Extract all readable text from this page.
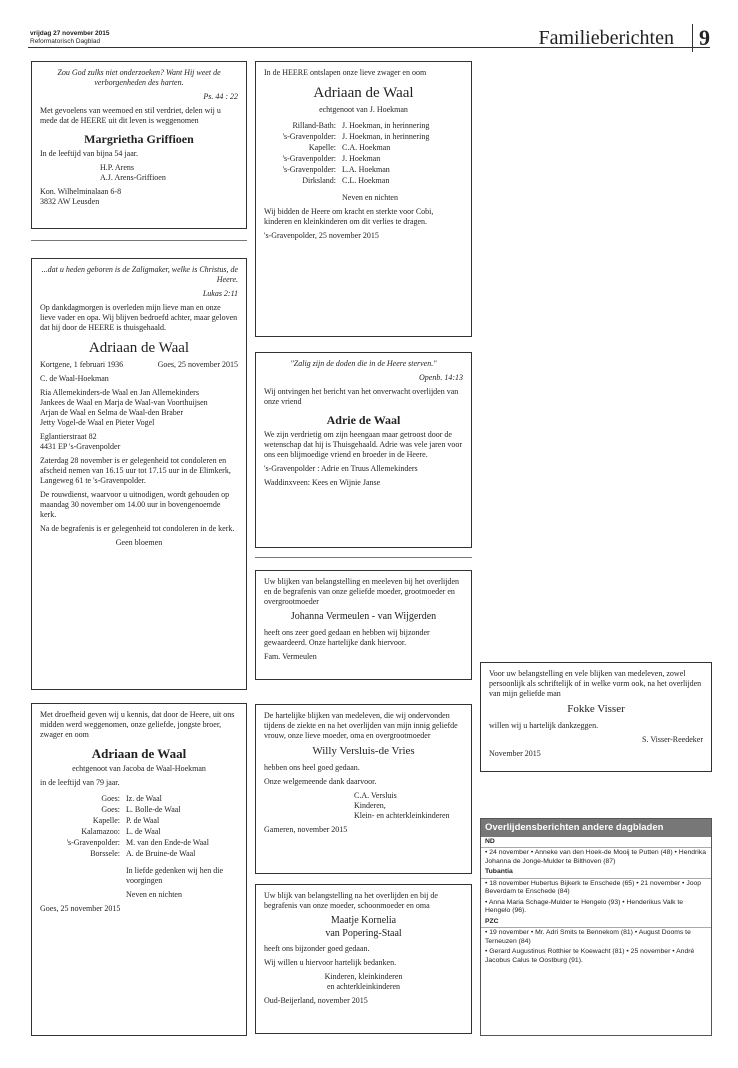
vrijdag 27 november 2015
Reformatorisch Dagblad	Familieberichten	9

Zou God zulks niet onderzoeken? Want Hij weet de verborgenheden des harten.

Ps. 44 : 22

Met gevoelens van weemoed en stil verdriet, delen wij u mede dat de HEERE uit dit leven is weggenomen

Margrietha Griffioen

In de leeftijd van bijna 54 jaar.

H.P. Arens
A.J. Arens-Griffioen

Kon. Wilhelminalaan 6-8
3832 AW Leusden

...dat u heden geboren is de Zaligmaker, welke is Christus, de Heere.

Lukas 2:11

Op dankdagmorgen is overleden mijn lieve man en onze lieve vader en opa. Wij blijven bedroefd achter, maar geloven dat hij door de HEERE is thuisgehaald.

Adriaan de Waal

Kortgene, 1 februari 1936	Goes, 25 november 2015

C. de Waal-Hoekman

Ria Allemekinders-de Waal en Jan Allemekinders
Jankees de Waal en Marja de Waal-van Voorthuijsen
Arjan de Waal en Selma de Waal-den Braber
Jetty Vogel-de Waal en Pieter Vogel

Eglantierstraat 82
4431 EP 's-Gravenpolder

Zaterdag 28 november is er gelegenheid tot condoleren en afscheid nemen van 16.15 uur tot 17.15 uur in de Elimkerk, Langeweg 61 te 's-Gravenpolder.

De rouwdienst, waarvoor u uitnodigen, wordt gehouden op maandag 30 november om 14.00 uur in bovengenoemde kerk.

Na de begrafenis is er gelegenheid tot condoleren in de kerk.

Geen bloemen

Met droefheid geven wij u kennis, dat door de Heere, uit ons midden werd weggenomen, onze geliefde, jongste broer, zwager en oom

Adriaan de Waal

echtgenoot van Jacoba de Waal-Hoekman

in de leeftijd van 79 jaar.

Goes: Iz. de Waal
Goes: L. Bolle-de Waal
Kapelle: P. de Waal
Kalamazoo: L. de Waal
's-Gravenpolder: M. van den Ende-de Waal
Borssele: A. de Bruine-de Waal

In liefde gedenken wij hen die voorgingen

Neven en nichten

Goes, 25 november 2015

In de HEERE ontslapen onze lieve zwager en oom

Adriaan de Waal

echtgenoot van J. Hoekman

Rilland-Bath: J. Hoekman, in herinnering
's-Gravenpolder: J. Hoekman, in herinnering
Kapelle: C.A. Hoekman
's-Gravenpolder: J. Hoekman
's-Gravenpolder: L.A. Hoekman
Dirksland: C.L. Hoekman

Neven en nichten

Wij bidden de Heere om kracht en sterkte voor Cobi, kinderen en kleinkinderen om dit verlies te dragen.

's-Gravenpolder, 25 november 2015

"Zalig zijn de doden die in de Heere sterven."

Openb. 14:13

Wij ontvingen het bericht van het onverwacht overlijden van onze vriend

Adrie de Waal

We zijn verdrietig om zijn heengaan maar getroost door de wetenschap dat hij is Thuisgehaald. Adrie was vele jaren voor ons een blijmoedige vriend en broeder in de Heere.

's-Gravenpolder : Adrie en Truus Allemekinders

Waddinxveen: Kees en Wijnie Janse

Uw blijken van belangstelling en meeleven bij het overlijden en de begrafenis van onze geliefde moeder, grootmoeder en overgrootmoeder

Johanna Vermeulen - van Wijgerden

heeft ons zeer goed gedaan en hebben wij bijzonder gewaardeerd. Onze hartelijke dank hiervoor.

Fam. Vermeulen

De hartelijke blijken van medeleven, die wij ondervonden tijdens de ziekte en na het overlijden van mijn innig geliefde vrouw, onze lieve moeder, oma en overgrootmoeder

Willy Versluis-de Vries

hebben ons heel goed gedaan.

Onze welgemeende dank daarvoor.

C.A. Versluis
Kinderen,
Klein- en achterkleinkinderen

Gameren, november 2015

Uw blijk van belangstelling na het overlijden en bij de begrafenis van onze moeder, schoonmoeder en oma

Maatje Kornelia
van Popering-Staal

heeft ons bijzonder goed gedaan.

Wij willen u hiervoor hartelijk bedanken.

Kinderen, kleinkinderen
en achterkleinkinderen

Oud-Beijerland, november 2015

Voor uw belangstelling en vele blijken van medeleven, zowel persoonlijk als schriftelijk of in welke vorm ook, na het overlijden van mijn geliefde man

Fokke Visser

willen wij u hartelijk dankzeggen.

S. Visser-Reedeker

November 2015

Overlijdensberichten andere dagbladen
ND
• 24 november • Anneke van den Hoek-de Mooij te Putten (48) • Hendrika Johanna de Jonge-Mulder te Bilthoven (87)
Tubantia
• 18 november Hubertus Bijkerk te Enschede (65) • 21 november • Joop Beverdam te Enschede (84)
• Anna Maria Schage-Mulder te Hengelo (93) • Henderikus Valk te Hengelo (96).
PZC
• 19 november • Mr. Adri Smits te Bennekom (81) • August Dooms te Terneuzen (84)
• Gerard Augustinus Rotthier te Koewacht (81) • 25 november • André Jacobus Calus te Oostburg (91).
